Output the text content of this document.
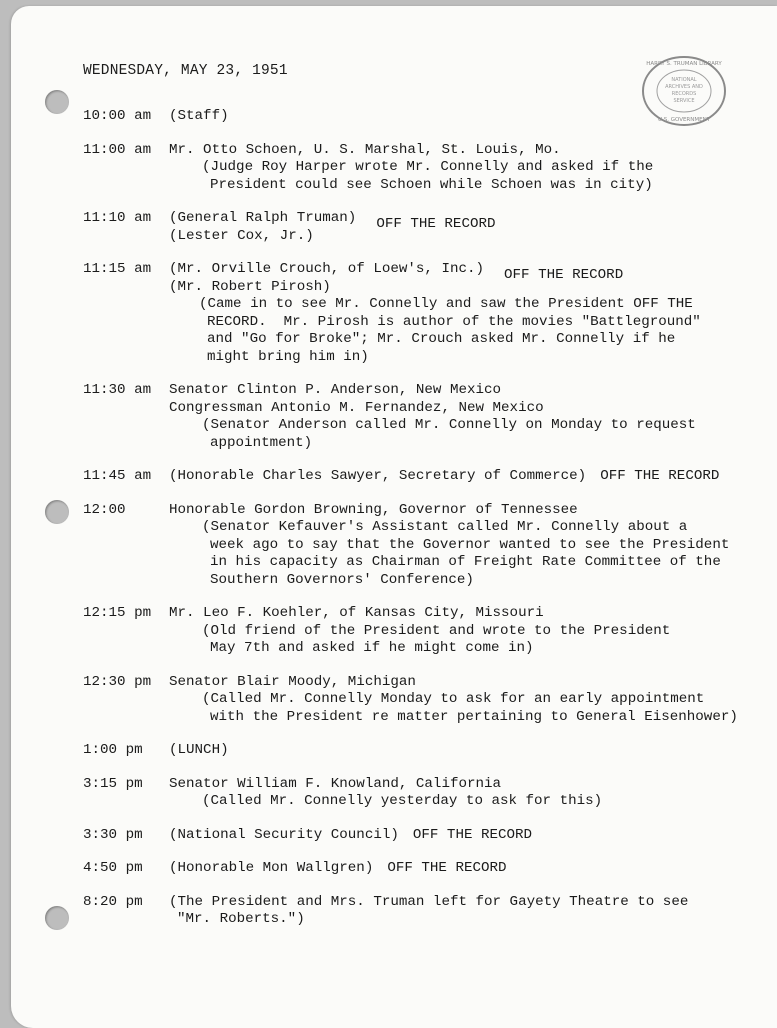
WEDNESDAY, MAY 23, 1951	HARRY S. TRUMAN LIBRARY
NATIONAL
ARCHIVES AND
RECORDS
SERVICE
U.S. GOVERNMENT
10:00 am	(Staff)
11:00 am	Mr. Otto Schoen, U. S. Marshal, St. Louis, Mo.
(Judge Roy Harper wrote Mr. Connelly and asked if the
President could see Schoen while Schoen was in city)
11:10 am	(General Ralph Truman)
(Lester Cox, Jr.)
OFF THE RECORD
11:15 am	(Mr. Orville Crouch, of Loew's, Inc.)
(Mr. Robert Pirosh)
OFF THE RECORD
(Came in to see Mr. Connelly and saw the President OFF THE
RECORD.  Mr. Pirosh is author of the movies "Battleground"
and "Go for Broke"; Mr. Crouch asked Mr. Connelly if he
might bring him in)
11:30 am	Senator Clinton P. Anderson, New Mexico
Congressman Antonio M. Fernandez, New Mexico
(Senator Anderson called Mr. Connelly on Monday to request
appointment)
11:45 am	(Honorable Charles Sawyer, Secretary of Commerce) OFF THE RECORD
12:00	Honorable Gordon Browning, Governor of Tennessee
(Senator Kefauver's Assistant called Mr. Connelly about a
week ago to say that the Governor wanted to see the President
in his capacity as Chairman of Freight Rate Committee of the
Southern Governors' Conference)
12:15 pm	Mr. Leo F. Koehler, of Kansas City, Missouri
(Old friend of the President and wrote to the President
May 7th and asked if he might come in)
12:30 pm	Senator Blair Moody, Michigan
(Called Mr. Connelly Monday to ask for an early appointment
with the President re matter pertaining to General Eisenhower)
1:00 pm	(LUNCH)
3:15 pm	Senator William F. Knowland, California
(Called Mr. Connelly yesterday to ask for this)
3:30 pm	(National Security Council) OFF THE RECORD
4:50 pm	(Honorable Mon Wallgren) OFF THE RECORD
8:20 pm	(The President and Mrs. Truman left for Gayety Theatre to see
"Mr. Roberts.")
